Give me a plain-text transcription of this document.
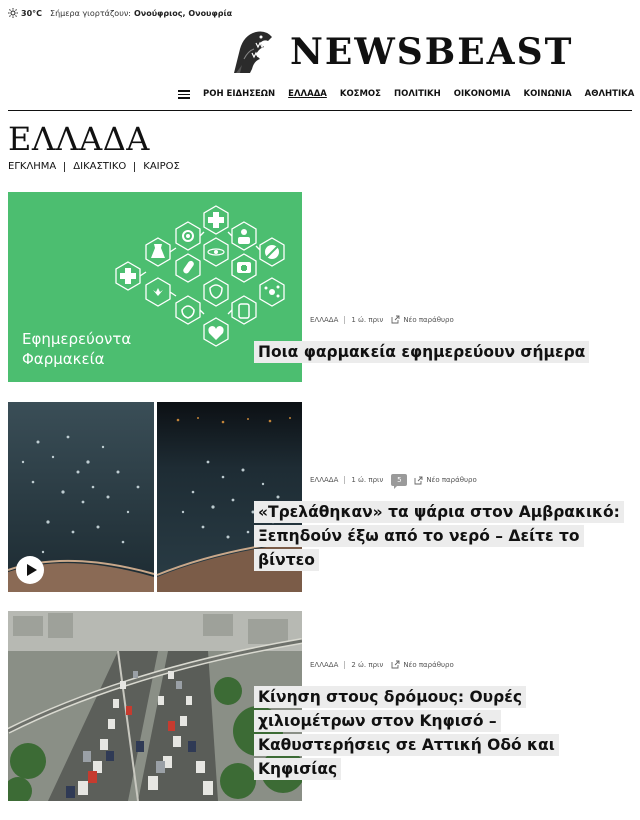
30°C Σήμερα γιορτάζουν: Ονούφριος, Ονουφρία
NEWSBEAST
ΡΟΗ ΕΙΔΗΣΕΩΝ ΕΛΛΑΔΑ ΚΟΣΜΟΣ ΠΟΛΙΤΙΚΗ ΟΙΚΟΝΟΜΙΑ ΚΟΙΝΩΝΙΑ ΑΘΛΗΤΙΚΑ
ΕΛΛΑΔΑ
ΕΓΚΛΗΜΑ ΔΙΚΑΣΤΙΚΟ ΚΑΙΡΟΣ
Εφημερεύοντα
Φαρμακεία
ΕΛΛΑΔΑ 1 ώ. πριν	Νέο παράθυρο
Ποια φαρμακεία εφημερεύουν σήμερα
ΕΛΛΑΔΑ 1 ώ. πριν	5	Νέο παράθυρο
«Τρελάθηκαν» τα ψάρια στον Αμβρακικό: Ξεπηδούν έξω από το νερό – Δείτε το βίντεο
ΕΛΛΑΔΑ 2 ώ. πριν	Νέο παράθυρο
Κίνηση στους δρόμους: Ουρές χιλιομέτρων στον Κηφισό – Καθυστερήσεις σε Αττική Οδό και Κηφισίας
